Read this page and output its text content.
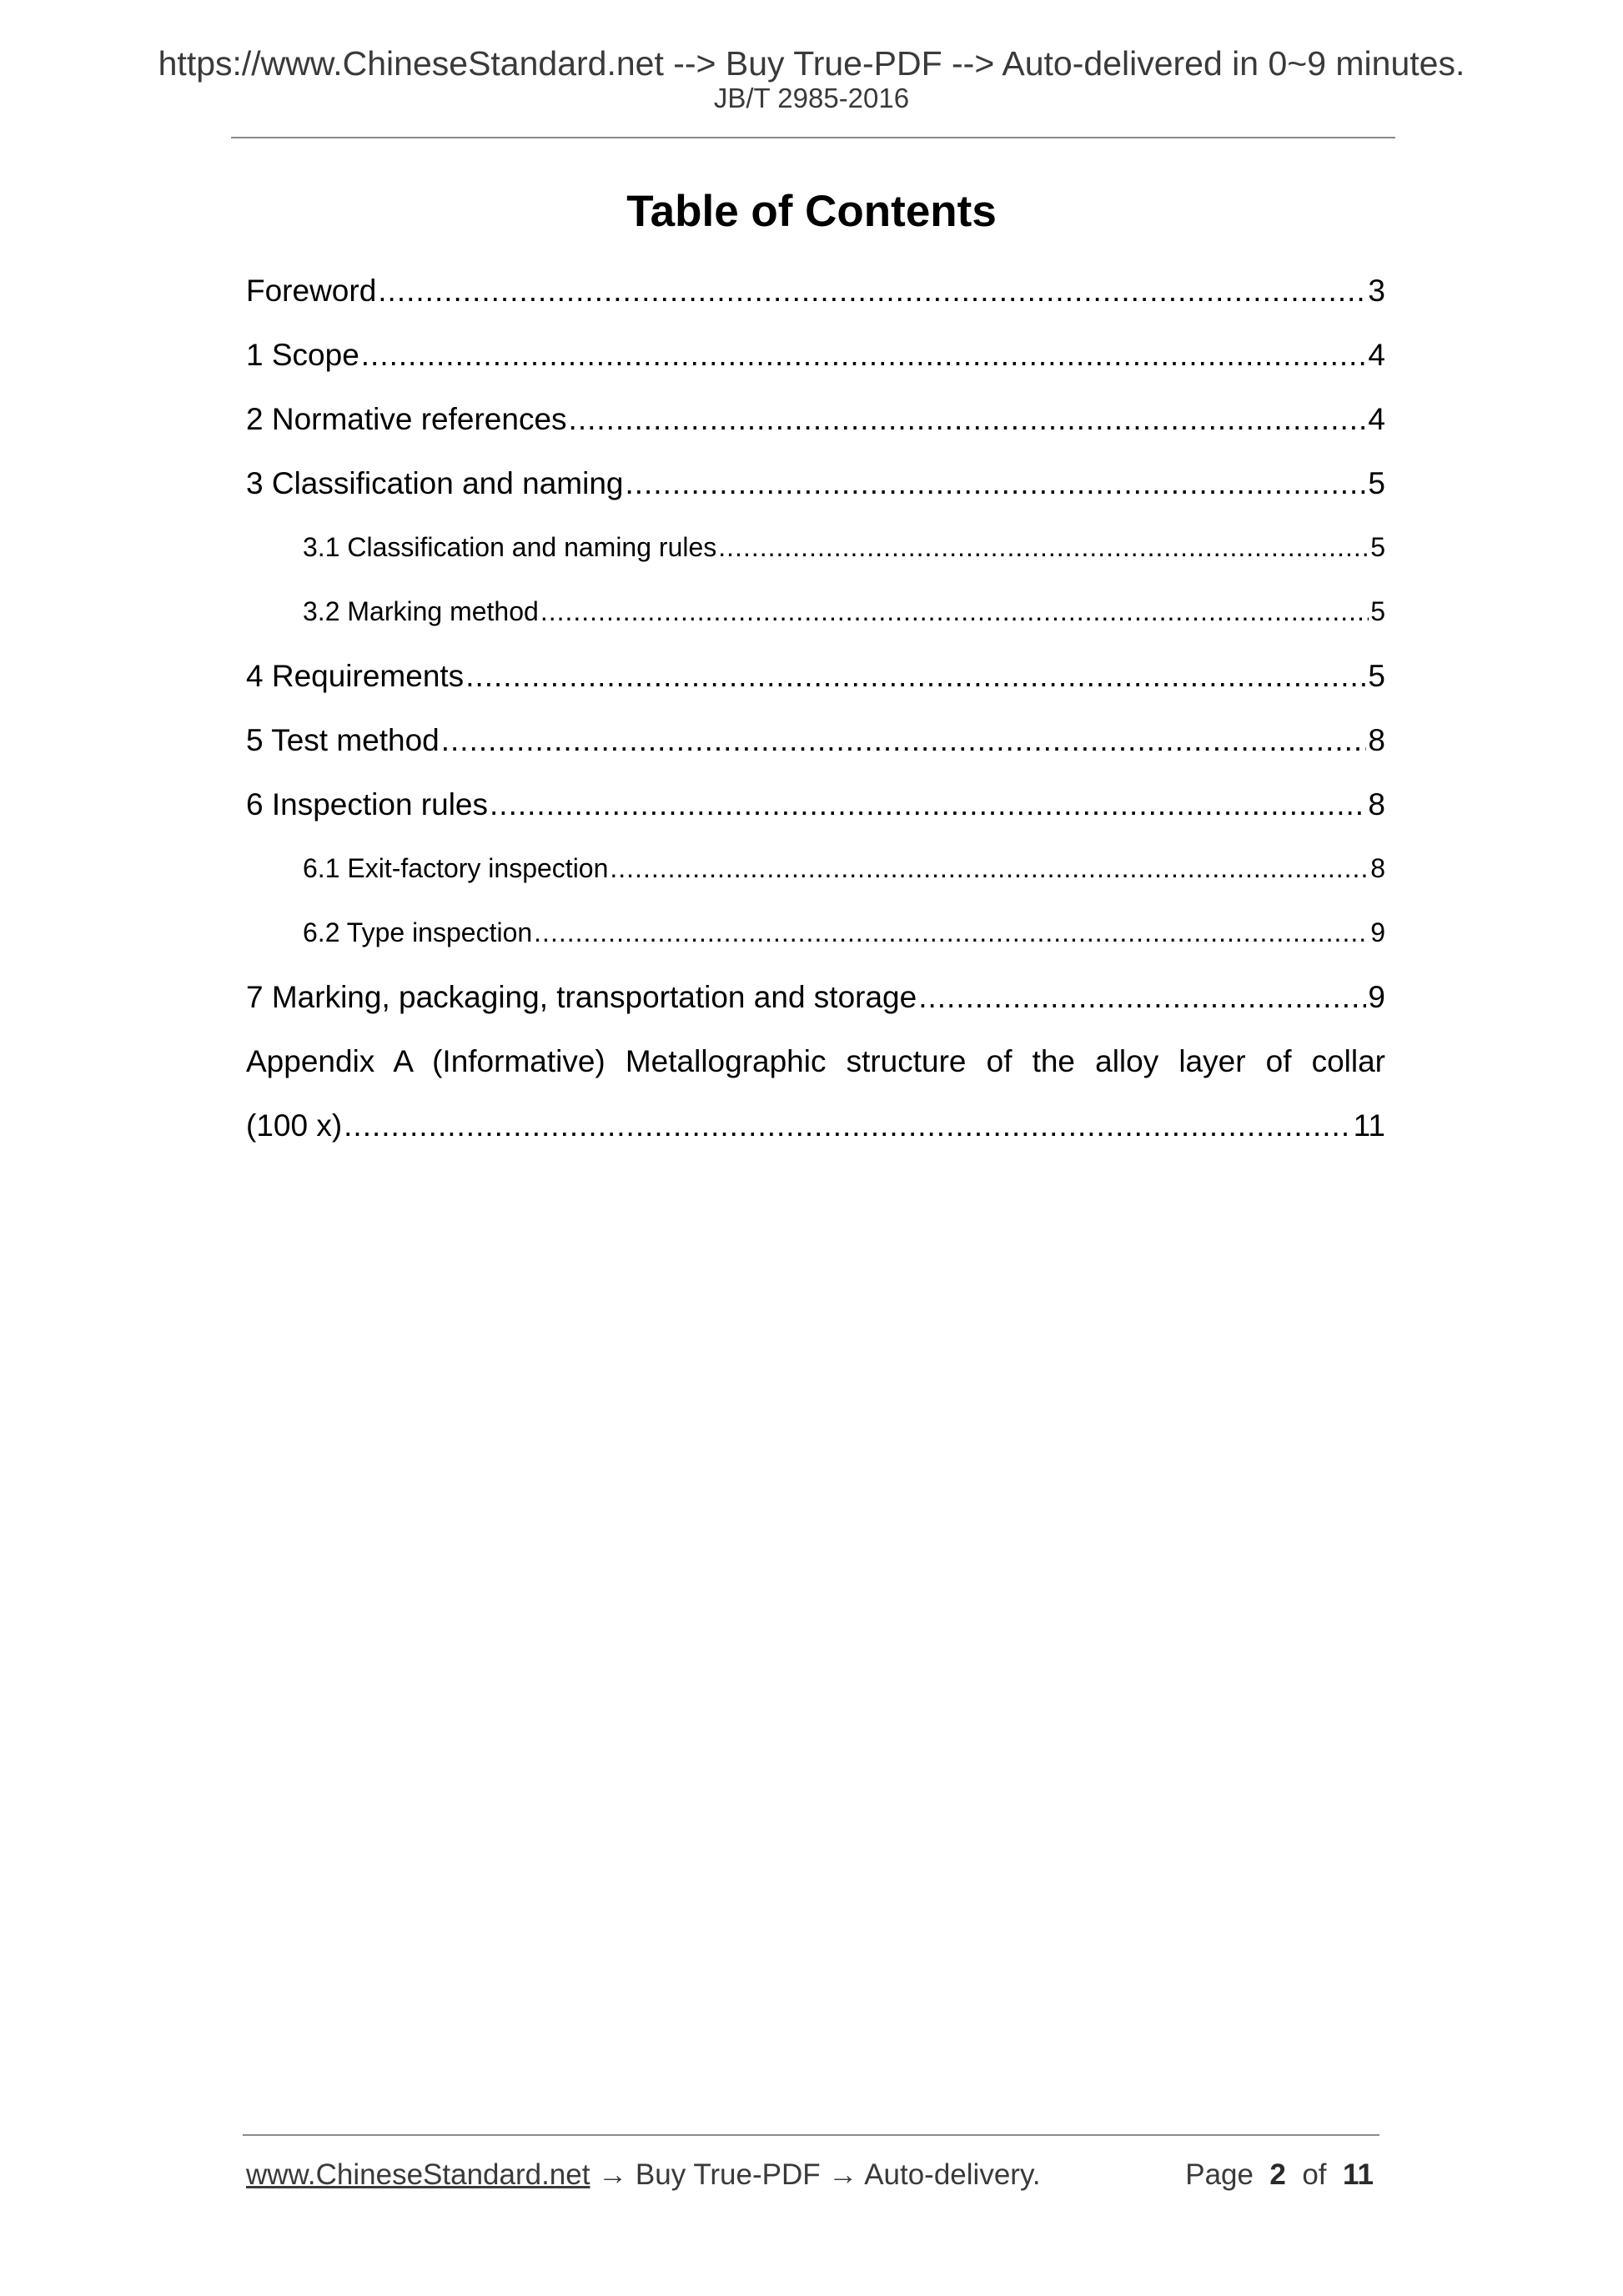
https://www.ChineseStandard.net --> Buy True-PDF --> Auto-delivered in 0~9 minutes.
JB/T 2985-2016
Table of Contents
Foreword .....	3
1 Scope .....	4
2 Normative references .....	4
3 Classification and naming .....	5
3.1 Classification and naming rules .....	5
3.2 Marking method .....	5
4 Requirements .....	5
5 Test method .....	8
6 Inspection rules .....	8
6.1 Exit-factory inspection .....	8
6.2 Type inspection .....	9
7 Marking, packaging, transportation and storage .....	9
Appendix A (Informative) Metallographic structure of the alloy layer of collar
(100 x) .....	11
www.ChineseStandard.net → Buy True-PDF → Auto-delivery.	Page 2 of 11
